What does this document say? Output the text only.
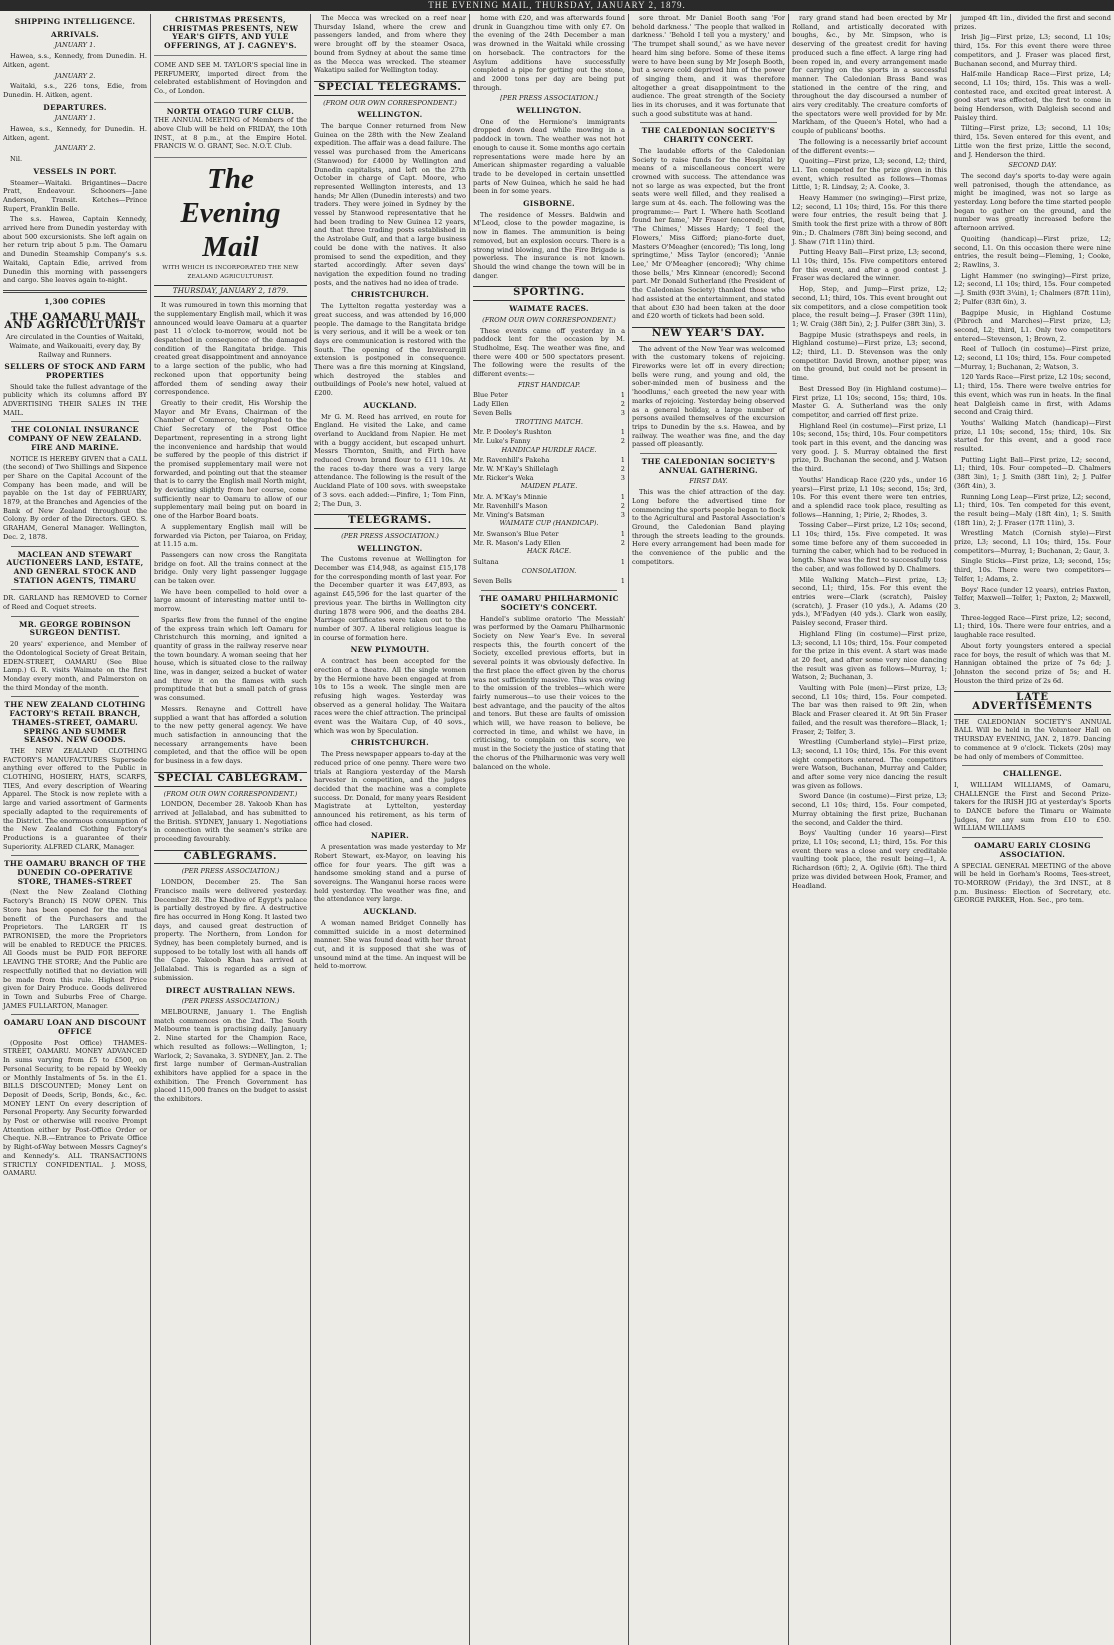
THE EVENING MAIL, THURSDAY, JANUARY 2, 1879.
SHIPPING INTELLIGENCE.
ARRIVALS.
JANUARY 1.

Hawea, s.s., Kennedy, from Dunedin. H. Aitken, agent.

JANUARY 2.

Waitaki, s.s., 226 tons, Edie, from Dunedin. H. Aitken, agent.

DEPARTURES.
JANUARY 1.

Hawea, s.s., Kennedy, for Dunedin. H. Aitken, agent.

JANUARY 2.

Nil.

VESSELS IN PORT.

Steamer—Waitaki. Brigantines—Dacre Pratt, Endeavour. Schooners—Jane Anderson, Transit. Ketches—Prince Rupert, Franklin Belle.

The s.s. Hawea, Captain Kennedy, arrived here from Dunedin yesterday with about 500 excursionists. She left again on her return trip about 5 p.m. The Oamaru and Dunedin Steamship Company's s.s. Waitaki, Captain Edie, arrived from Dunedin this morning with passengers and cargo. She leaves again to-night.

1,300 COPIES
THE OAMARU MAIL AND AGRICULTURIST

Are circulated in the Counties of Waitaki, Waimate, and Waikouaiti, every day, By Railway and Runners.

SELLERS OF STOCK AND FARM PROPERTIES

Should take the fullest advantage of the publicity which its columns afford BY ADVERTISING THEIR SALES IN THE MAIL.

THE COLONIAL INSURANCE COMPANY OF NEW ZEALAND. FIRE AND MARINE.

NOTICE IS HEREBY GIVEN that a CALL (the second) of Two Shillings and Sixpence per Share on the Capital Account of the Company has been made, and will be payable on the 1st day of FEBRUARY, 1879, at the Branches and Agencies of the Bank of New Zealand throughout the Colony. By order of the Directors. GEO. S. GRAHAM, General Manager. Wellington, Dec. 2, 1878.

MACLEAN AND STEWART AUCTIONEERS LAND, ESTATE, AND GENERAL STOCK AND STATION AGENTS, TIMARU

DR. GARLAND has REMOVED to Corner of Reed and Coquet streets.

MR. GEORGE ROBINSON SURGEON DENTIST.

20 years' experience, and Member of the Odontological Society of Great Britain, EDEN-STREET, OAMARU (See Blue Lamp.) G. R. visits Waimate on the first Monday every month, and Palmerston on the third Monday of the month.

THE NEW ZEALAND CLOTHING FACTORY'S RETAIL BRANCH, THAMES-STREET, OAMARU. SPRING AND SUMMER SEASON. NEW GOODS.

THE NEW ZEALAND CLOTHING FACTORY'S MANUFACTURES Supersede anything ever offered to the Public in CLOTHING, HOSIERY, HATS, SCARFS, TIES, And every description of Wearing Apparel. The Stock is now replete with a large and varied assortment of Garments specially adapted to the requirements of the District. The enormous consumption of the New Zealand Clothing Factory's Productions is a guarantee of their Superiority. ALFRED CLARK, Manager.

THE OAMARU BRANCH OF THE DUNEDIN CO-OPERATIVE STORE, THAMES-STREET

(Next the New Zealand Clothing Factory's Branch) IS NOW OPEN. This Store has been opened for the mutual benefit of the Purchasers and the Proprietors. The LARGER IT IS PATRONISED, the more the Proprietors will be enabled to REDUCE the PRICES. All Goods must be PAID FOR BEFORE LEAVING THE STORE; And the Public are respectfully notified that no deviation will be made from this rule. Highest Price given for Dairy Produce. Goods delivered in Town and Suburbs Free of Charge. JAMES FULLARTON, Manager.

OAMARU LOAN AND DISCOUNT OFFICE

(Opposite Post Office) THAMES-STREET, OAMARU. MONEY ADVANCED In sums varying from £5 to £500, on Personal Security, to be repaid by Weekly or Monthly Instalments of 5s. in the £1. BILLS DISCOUNTED; Money Lent on Deposit of Deeds, Scrip, Bonds, &c., &c. MONEY LENT On every description of Personal Property. Any Security forwarded by Post or otherwise will receive Prompt Attention either by Post-Office Order or Cheque. N.B.—Entrance to Private Office by Right-of-Way between Messrs Cagney's and Kennedy's. ALL TRANSACTIONS STRICTLY CONFIDENTIAL. J. MOSS, OAMARU.

CHRISTMAS PRESENTS, CHRISTMAS PRESENTS, NEW YEAR'S GIFTS, AND YULE OFFERINGS, AT J. CAGNEY'S.

COME AND SEE M. TAYLOR'S special line in PERFUMERY, imported direct from the celebrated establishment of Hovingdon and Co., of London.

NORTH OTAGO TURF CLUB.

THE ANNUAL MEETING of Members of the above Club will be held on FRIDAY, the 10th INST., at 8 p.m., at the Empire Hotel. FRANCIS W. O. GRANT, Sec. N.O.T. Club.

The Evening Mail
WITH WHICH IS INCORPORATED THE NEW ZEALAND AGRICULTURIST.
THURSDAY, JANUARY 2, 1879.

It was rumoured in town this morning that the supplementary English mail, which it was announced would leave Oamaru at a quarter past 11 o'clock to-morrow, would not be despatched in consequence of the damaged condition of the Rangitata bridge. This created great disappointment and annoyance to a large section of the public, who had reckoned upon that opportunity being afforded them of sending away their correspondence.

Greatly to their credit, His Worship the Mayor and Mr Evans, Chairman of the Chamber of Commerce, telegraphed to the Chief Secretary of the Post Office Department, representing in a strong light the inconvenience and hardship that would be suffered by the people of this district if the promised supplementary mail were not forwarded, and pointing out that the steamer that is to carry the English mail North might, by deviating slightly from her course, come sufficiently near to Oamaru to allow of our supplementary mail being put on board in one of the Harbor Board boats.

A supplementary English mail will be forwarded via Picton, per Taiaroa, on Friday, at 11.15 a.m.

Passengers can now cross the Rangitata bridge on foot. All the trains connect at the bridge. Only very light passenger luggage can be taken over.

We have been compelled to hold over a large amount of interesting matter until to-morrow.

Sparks flew from the funnel of the engine of the express train which left Oamaru for Christchurch this morning, and ignited a quantity of grass in the railway reserve near the town boundary. A woman seeing that her house, which is situated close to the railway line, was in danger, seized a bucket of water and threw it on the flames with such promptitude that but a small patch of grass was consumed.

Messrs. Renayne and Cottrell have supplied a want that has afforded a solution to the new petty general agency. We have much satisfaction in announcing that the necessary arrangements have been completed, and that the office will be open for business in a few days.

SPECIAL CABLEGRAM.
(FROM OUR OWN CORRESPONDENT.)

LONDON, December 28. Yakoob Khan has arrived at Jellalabad, and has submitted to the British. SYDNEY, January 1. Negotiations in connection with the seamen's strike are proceeding favourably.

CABLEGRAMS.
(PER PRESS ASSOCIATION.)

LONDON, December 25. The San Francisco mails were delivered yesterday. December 28. The Khedive of Egypt's palace is partially destroyed by fire. A destructive fire has occurred in Hong Kong. It lasted two days, and caused great destruction of property. The Northern, from London for Sydney, has been completely burned, and is supposed to be totally lost with all hands off the Cape. Yakoob Khan has arrived at Jellalabad. This is regarded as a sign of submission.

DIRECT AUSTRALIAN NEWS.
(PER PRESS ASSOCIATION.)

MELBOURNE, January 1. The English match commences on the 2nd. The South Melbourne team is practising daily. January 2. Nine started for the Champion Race, which resulted as follows:—Wellington, 1; Warlock, 2; Savanaka, 3. SYDNEY, Jan. 2. The first large number of German-Australian exhibitors have applied for a space in the exhibition. The French Government has placed 115,000 francs on the budget to assist the exhibitors.

The Mecca was wrecked on a reef near Thursday Island, where the crew and passengers landed, and from where they were brought off by the steamer Osaca, bound from Sydney at about the same time as the Mecca was wrecked. The steamer Wakatipu sailed for Wellington today.

SPECIAL TELEGRAMS.
(FROM OUR OWN CORRESPONDENT.)
WELLINGTON.

The barque Conner returned from New Guinea on the 28th with the New Zealand expedition. The affair was a dead failure. The vessel was purchased from the Americans (Stanwood) for £4000 by Wellington and Dunedin capitalists, and left on the 27th October in charge of Capt. Moore, who represented Wellington interests, and 13 hands; Mr Allen (Dunedin interests) and two traders. They were joined in Sydney by the vessel by Stanwood representative that he had been trading to New Guinea 12 years, and that three trading posts established in the Astrolabe Gulf, and that a large business could be done with the natives. It also promised to send the expedition, and they started accordingly. After seven days' navigation the expedition found no trading posts, and the natives had no idea of trade.

CHRISTCHURCH.

The Lyttelton regatta yesterday was a great success, and was attended by 16,000 people. The damage to the Rangitata bridge is very serious, and it will be a week or ten days ere communication is restored with the South. The opening of the Invercargill extension is postponed in consequence. There was a fire this morning at Kingsland, which destroyed the stables and outbuildings of Poole's new hotel, valued at £200.

AUCKLAND.

Mr G. M. Reed has arrived, en route for England. He visited the Lake, and came overland to Auckland from Napier. He met with a buggy accident, but escaped unhurt. Messrs Thornton, Smith, and Firth have reduced Crown brand flour to £11 10s. At the races to-day there was a very large attendance. The following is the result of the Auckland Plate of 100 sovs. with sweepstake of 3 sovs. each added:—Pinfire, 1; Tom Finn, 2; The Dun, 3.

TELEGRAMS.
(PER PRESS ASSOCIATION.)
WELLINGTON.

The Customs revenue at Wellington for December was £14,948, as against £15,178 for the corresponding month of last year. For the December quarter it was £47,893, as against £45,596 for the last quarter of the previous year. The births in Wellington city during 1878 were 906, and the deaths 284. Marriage certificates were taken out to the number of 307. A liberal religious league is in course of formation here.

NEW PLYMOUTH.

A contract has been accepted for the erection of a theatre. All the single women by the Hermione have been engaged at from 10s to 15s a week. The single men are refusing high wages. Yesterday was observed as a general holiday. The Waitara races were the chief attraction. The principal event was the Waitara Cup, of 40 sovs., which was won by Speculation.

CHRISTCHURCH.

The Press newspaper appears to-day at the reduced price of one penny. There were two trials at Rangiora yesterday of the Marsh harvester in competition, and the judges decided that the machine was a complete success. Dr. Donald, for many years Resident Magistrate at Lyttelton, yesterday announced his retirement, as his term of office had closed.

NAPIER.

A presentation was made yesterday to Mr Robert Stewart, ex-Mayor, on leaving his office for four years. The gift was a handsome smoking stand and a purse of sovereigns. The Wanganui horse races were held yesterday. The weather was fine, and the attendance very large.

AUCKLAND.

A woman named Bridget Connelly has committed suicide in a most determined manner. She was found dead with her throat cut, and it is supposed that she was of unsound mind at the time. An inquest will be held to-morrow.

home with £20, and was afterwards found drunk in Guangzhou time with only £7. On the evening of the 24th December a man was drowned in the Waitaki while crossing on horseback. The contractors for the Asylum additions have successfully completed a pipe for getting out the stone, and 2000 tons per day are being put through.

[PER PRESS ASSOCIATION.]
WELLINGTON.

One of the Hermione's immigrants dropped down dead while mowing in a paddock in town. The weather was not hot enough to cause it. Some months ago certain representations were made here by an American shipmaster regarding a valuable trade to be developed in certain unsettled parts of New Guinea, which he said he had been in for some years.

GISBORNE.

The residence of Messrs. Baldwin and M'Leod, close to the powder magazine, is now in flames. The ammunition is being removed, but an explosion occurs. There is a strong wind blowing, and the Fire Brigade is powerless. The insurance is not known. Should the wind change the town will be in danger.

SPORTING.
WAIMATE RACES.
(FROM OUR OWN CORRESPONDENT.)

These events came off yesterday in a paddock lent for the occasion by M. Studholme, Esq. The weather was fine, and there were 400 or 500 spectators present. The following were the results of the different events:—

FIRST HANDICAP.
Blue Peter	1
Lady Ellen	2
Seven Bells	3
TROTTING MATCH.
Mr. P. Dooley's Rushton	1
Mr. Luke's Fanny	2
HANDICAP HURDLE RACE.
Mr. Ravenhill's Pakeha	1
Mr. W. M'Kay's Shillelagh	2
Mr. Ricker's Weka	3
MAIDEN PLATE.
Mr. A. M'Kay's Minnie	1
Mr. Ravenhill's Mason	2
Mr. Vining's Batsman	3
WAIMATE CUP (HANDICAP).
Mr. Swanson's Blue Peter	1
Mr. R. Mason's Lady Ellen	2
HACK RACE.
Sultana	1
CONSOLATION.
Seven Bells	1
THE OAMARU PHILHARMONIC SOCIETY'S CONCERT.

Handel's sublime oratorio 'The Messiah' was performed by the Oamaru Philharmonic Society on New Year's Eve. In several respects this, the fourth concert of the Society, excelled previous efforts, but in several points it was obviously defective. In the first place the effect given by the chorus was not sufficiently massive. This was owing to the omission of the trebles—which were fairly numerous—to use their voices to the best advantage, and the paucity of the altos and tenors. But these are faults of omission which will, we have reason to believe, be corrected in time, and whilst we have, in criticising, to complain on this score, we must in the Society the justice of stating that the chorus of the Philharmonic was very well balanced on the whole.

sore throat. Mr Daniel Booth sang 'For behold darkness.' 'The people that walked in darkness.' 'Behold I tell you a mystery,' and 'The trumpet shall sound,' as we have never heard him sing before. Some of these items were to have been sung by Mr Joseph Booth, but a severe cold deprived him of the power of singing them, and it was therefore altogether a great disappointment to the audience. The great strength of the Society lies in its choruses, and it was fortunate that such a good substitute was at hand.

THE CALEDONIAN SOCIETY'S CHARITY CONCERT.

The laudable efforts of the Caledonian Society to raise funds for the Hospital by means of a miscellaneous concert were crowned with success. The attendance was not so large as was expected, but the front seats were well filled, and they realised a large sum at 4s. each. The following was the programme:— Part I. 'Where hath Scotland found her fame,' Mr Fraser (encored); duet, 'The Chimes,' Misses Hardy; 'I feel the Flowers,' Miss Gifford; piano-forte duet, Masters O'Meagher (encored); 'Tis long, long springtime,' Miss Taylor (encored); 'Annie Lee,' Mr O'Meagher (encored); 'Why chime those bells,' Mrs Kinnear (encored); Second part. Mr Donald Sutherland (the President of the Caledonian Society) thanked those who had assisted at the entertainment, and stated that about £30 had been taken at the door and £20 worth of tickets had been sold.

NEW YEAR'S DAY.

The advent of the New Year was welcomed with the customary tokens of rejoicing. Fireworks were let off in every direction; bells were rung, and young and old, the sober-minded men of business and the 'hoodlums,' each greeted the new year with marks of rejoicing. Yesterday being observed as a general holiday, a large number of persons availed themselves of the excursion trips to Dunedin by the s.s. Hawea, and by railway. The weather was fine, and the day passed off pleasantly.

THE CALEDONIAN SOCIETY'S ANNUAL GATHERING.
FIRST DAY.

This was the chief attraction of the day. Long before the advertised time for commencing the sports people began to flock to the Agricultural and Pastoral Association's Ground, the Caledonian Band playing through the streets leading to the grounds. Here every arrangement had been made for the convenience of the public and the competitors.

rary grand stand had been erected by Mr Rolland, and artistically decorated with boughs, &c., by Mr. Simpson, who is deserving of the greatest credit for having produced such a fine effect. A large ring had been roped in, and every arrangement made for carrying on the sports in a successful manner. The Caledonian Brass Band was stationed in the centre of the ring, and throughout the day discoursed a number of airs very creditably. The creature comforts of the spectators were well provided for by Mr. Markham, of the Queen's Hotel, who had a couple of publicans' booths.

The following is a necessarily brief account of the different events:—

Quoiting—First prize, L3; second, L2; third, L1. Ten competed for the prize given in this event, which resulted as follows—Thomas Little, 1; R. Lindsay, 2; A. Cooke, 3.

Heavy Hammer (no swinging)—First prize, L2; second, L1 10s; third, 15s. For this there were four entries, the result being that J. Smith took the first prize with a throw of 80ft 9in.; D. Chalmers (78ft 3in) being second, and J. Shaw (71ft 11in) third.

Putting Heavy Ball—First prize, L3; second, L1 10s; third, 15s. Five competitors entered for this event, and after a good contest J. Fraser was declared the winner.

Hop, Step, and Jump—First prize, L2; second, L1; third, 10s. This event brought out six competitors, and a close competition took place, the result being—J. Fraser (39ft 11in), 1; W. Craig (38ft 5in), 2; J. Pulfer (38ft 3in), 3.

Bagpipe Music (strathspeys and reels, in Highland costume)—First prize, L3; second, L2; third, L1. D. Stevenson was the only competitor. David Brown, another piper, was on the ground, but could not be present in time.

Best Dressed Boy (in Highland costume)—First prize, L1 10s; second, 15s; third, 10s. Master G. A. Sutherland was the only competitor, and carried off first prize.

Highland Reel (in costume)—First prize, L1 10s; second, 15s; third, 10s. Four competitors took part in this event, and the dancing was very good. J. S. Murray obtained the first prize, D. Buchanan the second, and J. Watson the third.

Youths' Handicap Race (220 yds., under 16 years)—First prize, L1 10s; second, 15s; 3rd, 10s. For this event there were ten entries, and a splendid race took place, resulting as follows—Hanning, 1; Pirie, 2; Rhodes, 3.

Tossing Caber—First prize, L2 10s; second, L1 10s; third, 15s. Five competed. It was some time before any of them succeeded in turning the caber, which had to be reduced in length. Shaw was the first to successfully toss the caber, and was followed by D. Chalmers.

Mile Walking Match—First prize, L3; second, L1; third, 15s. For this event the entries were—Clark (scratch), Paisley (scratch), J. Fraser (10 yds.), A. Adams (20 yds.), M'Fadyen (40 yds.). Clark won easily, Paisley second, Fraser third.

Highland Fling (in costume)—First prize, L3; second, L1 10s; third, 15s. Four competed for the prize in this event. A start was made at 20 feet, and after some very nice dancing the result was given as follows—Murray, 1; Watson, 2; Buchanan, 3.

Vaulting with Pole (men)—First prize, L3; second, L1 10s; third, 15s. Four competed. The bar was then raised to 9ft 2in, when Black and Fraser cleared it. At 9ft 5in Fraser failed, and the result was therefore—Black, 1; Fraser, 2; Telfer, 3.

Wrestling (Cumberland style)—First prize, L3; second, L1 10s; third, 15s. For this event eight competitors entered. The competitors were Watson, Buchanan, Murray and Calder, and after some very nice dancing the result was given as follows.

Sword Dance (in costume)—First prize, L3; second, L1 10s; third, 15s. Four competed, Murray obtaining the first prize, Buchanan the second, and Calder the third.

Boys' Vaulting (under 16 years)—First prize, L1 10s; second, L1; third, 15s. For this event there was a close and very creditable vaulting took place, the result being—1, A. Richardson (6ft); 2, A. Ogilvie (6ft). The third prize was divided between Hook, Framer, and Headland.

jumped 4ft 1in., divided the first and second prizes.

Irish Jig—First prize, L3; second, L1 10s; third, 15s. For this event there were three competitors, and J. Fraser was placed first, Buchanan second, and Murray third.

Half-mile Handicap Race—First prize, L4; second, L1 10s; third, 15s. This was a well-contested race, and excited great interest. A good start was effected, the first to come in being Henderson, with Dalgleish second and Paisley third.

Tilting—First prize, L3; second, L1 10s; third, 15s. Seven entered for this event, and Little won the first prize, Little the second, and J. Henderson the third.

SECOND DAY.

The second day's sports to-day were again well patronised, though the attendance, as might be imagined, was not so large as yesterday. Long before the time started people began to gather on the ground, and the number was greatly increased before the afternoon arrived.

Quoiting (handicap)—First prize, L2; second, L1. On this occasion there were nine entries, the result being—Fleming, 1; Cooke, 2; Rawlins, 3.

Light Hammer (no swinging)—First prize, L2; second, L1 10s; third, 15s. Four competed—J. Smith (93ft 3¼in), 1; Chalmers (87ft 11in), 2; Pulfer (83ft 6in), 3.

Bagpipe Music, in Highland Costume (Pibroch and Marches)—First prize, L3; second, L2; third, L1. Only two competitors entered—Stevenson, 1; Brown, 2.

Reel of Tulloch (in costume)—First prize, L2; second, L1 10s; third, 15s. Four competed—Murray, 1; Buchanan, 2; Watson, 3.

120 Yards Race—First prize, L2 10s; second, L1; third, 15s. There were twelve entries for this event, which was run in heats. In the final heat Dalgleish came in first, with Adams second and Craig third.

Youths' Walking Match (handicap)—First prize, L1 10s; second, 15s; third, 10s. Six started for this event, and a good race resulted.

Putting Light Ball—First prize, L2; second, L1; third, 10s. Four competed—D. Chalmers (38ft 3in), 1; J. Smith (38ft 1in), 2; J. Pulfer (36ft 4in), 3.

Running Long Leap—First prize, L2; second, L1; third, 10s. Ten competed for this event, the result being—Maly (18ft 4in), 1; S. Smith (18ft 1in), 2; J. Fraser (17ft 11in), 3.

Wrestling Match (Cornish style)—First prize, L3; second, L1 10s; third, 15s. Four competitors—Murray, 1; Buchanan, 2; Gaur, 3.

Single Sticks—First prize, L3; second, 15s; third, 10s. There were two competitors—Telfer, 1; Adams, 2.

Boys' Race (under 12 years), entries Paxton, Telfer, Maxwell—Telfer, 1; Paxton, 2; Maxwell, 3.

Three-legged Race—First prize, L2; second, L1; third, 10s. There were four entries, and a laughable race resulted.

About forty youngsters entered a special race for boys, the result of which was that M. Hannigan obtained the prize of 7s 6d; J. Johnston the second prize of 5s; and H. Houston the third prize of 2s 6d.

LATE ADVERTISEMENTS

THE CALEDONIAN SOCIETY'S ANNUAL BALL Will be held in the Volunteer Hall on THURSDAY EVENING, JAN. 2, 1879. Dancing to commence at 9 o'clock. Tickets (20s) may be had only of members of Committee.

CHALLENGE.

I, WILLIAM WILLIAMS, of Oamaru, CHALLENGE the First and Second Prize-takers for the IRISH JIG at yesterday's Sports to DANCE before the Timaru or Waimate Judges, for any sum from £10 to £50. WILLIAM WILLIAMS

OAMARU EARLY CLOSING ASSOCIATION.

A SPECIAL GENERAL MEETING of the above will be held in Gorham's Rooms, Tees-street, TO-MORROW (Friday), the 3rd INST., at 8 p.m. Business: Election of Secretary, etc. GEORGE PARKER, Hon. Sec., pro tem.
